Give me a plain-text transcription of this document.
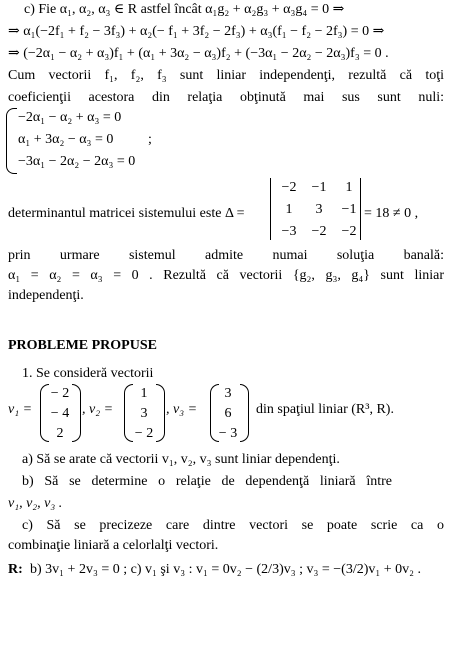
c) Fie α₁, α₂, α₃ ∈ R astfel încât α₁g₂ + α₂g₃ + α₃g₄ = 0 ⇒
⇒ α₁(−2f₁ + f₂ − 3f₃) + α₂(− f₁ + 3f₂ − 2f₃) + α₃(f₁ − f₂ − 2f₃) = 0 ⇒
⇒ (−2α₁ − α₂ + α₃)f₁ + (α₁ + 3α₂ − α₃)f₂ + (−3α₁ − 2α₂ − 2α₃)f₃ = 0 .
Cum vectorii f₁, f₂, f₃ sunt liniar independenţi, rezultă că toţi
coeficienţii acestora din relaţia obţinută mai sus sunt nuli:
−2α₁ − α₂ + α₃ = 0
α₁ + 3α₂ − α₃ = 0 ;
−3α₁ − 2α₂ − 2α₃ = 0
determinantul matricei sistemului este Δ =
−2	−1	1
1	3	−1
−3	−2	−2
= 18 ≠ 0 ,
prin urmare sistemul admite numai soluţia banală:
α₁ = α₂ = α₃ = 0 . Rezultă că vectorii {g₂, g₃, g₄} sunt liniar
independenţi.
PROBLEME PROPUSE
1. Se consideră vectorii
v₁ =
− 2
− 4
2
, v₂ =
1
3
− 2
, v₃ =
3
6
− 3
din spaţiul liniar (R³, R).
a) Să se arate că vectorii v₁, v₂, v₃ sunt liniar dependenţi.
b) Să se determine o relaţie de dependenţă liniară între
v₁, v₂, v₃ .
c) Să se precizeze care dintre vectori se poate scrie ca o
combinaţie liniară a celorlalţi vectori.
R: b) 3v₁ + 2v₃ = 0 ; c) v₁ şi v₃ : v₁ = 0v₂ − (2/3)v₃ ; v₃ = −(3/2)v₁ + 0v₂ .
